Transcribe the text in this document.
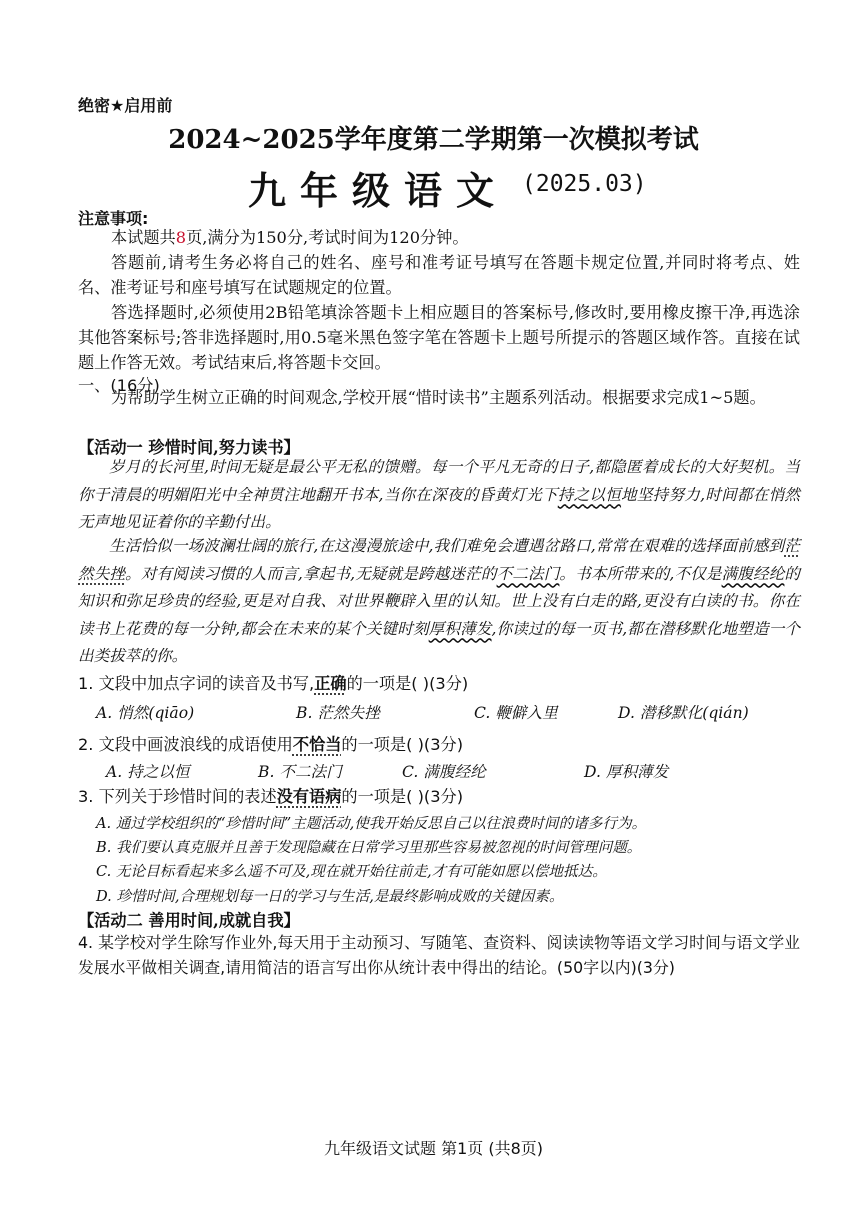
绝密★启用前
2024~2025学年度第二学期第一次模拟考试
九年级语文 (2025.03)
注意事项:
本试题共8页,满分为150分,考试时间为120分钟。
答题前,请考生务必将自己的姓名、座号和准考证号填写在答题卡规定位置,并同时将考点、姓名、准考证号和座号填写在试题规定的位置。
答选择题时,必须使用2B铅笔填涂答题卡上相应题目的答案标号,修改时,要用橡皮擦干净,再选涂其他答案标号;答非选择题时,用0.5毫米黑色签字笔在答题卡上题号所提示的答题区域作答。直接在试题上作答无效。考试结束后,将答题卡交回。
一、(16分)
为帮助学生树立正确的时间观念,学校开展“惜时读书”主题系列活动。根据要求完成1~5题。
【活动一 珍惜时间,努力读书】
岁月的长河里,时间无疑是最公平无私的馈赠。每一个平凡无奇的日子,都隐匿着成长的大好契机。当你于清晨的明媚阳光中全神贯注地翻开书本,当你在深夜的昏黄灯光下持之以恒地坚持努力,时间都在悄然无声地见证着你的辛勤付出。
生活恰似一场波澜壮阔的旅行,在这漫漫旅途中,我们难免会遭遇岔路口,常常在艰难的选择面前感到茫然失挫。对有阅读习惯的人而言,拿起书,无疑就是跨越迷茫的不二法门。书本所带来的,不仅是满腹经纶的知识和弥足珍贵的经验,更是对自我、对世界鞭辟入里的认知。世上没有白走的路,更没有白读的书。你在读书上花费的每一分钟,都会在未来的某个关键时刻厚积薄发,你读过的每一页书,都在潜移默化地塑造一个出类拔萃的你。
1. 文段中加点字词的读音及书写,正确的一项是( )(3分)
A. 悄然(qiāo)	B. 茫然失挫	C. 鞭僻入里	D. 潜移默化(qián)
2. 文段中画波浪线的成语使用不恰当的一项是( )(3分)
A. 持之以恒	B. 不二法门	C. 满腹经纶	D. 厚积薄发
3. 下列关于珍惜时间的表述没有语病的一项是( )(3分)
A. 通过学校组织的“珍惜时间”主题活动,使我开始反思自己以往浪费时间的诸多行为。
B. 我们要认真克服并且善于发现隐藏在日常学习里那些容易被忽视的时间管理问题。
C. 无论目标看起来多么遥不可及,现在就开始往前走,才有可能如愿以偿地抵达。
D. 珍惜时间,合理规划每一日的学习与生活,是最终影响成败的关键因素。
【活动二 善用时间,成就自我】
4. 某学校对学生除写作业外,每天用于主动预习、写随笔、查资料、阅读读物等语文学习时间与语文学业发展水平做相关调查,请用简洁的语言写出你从统计表中得出的结论。(50字以内)(3分)
九年级语文试题 第1页 (共8页)
